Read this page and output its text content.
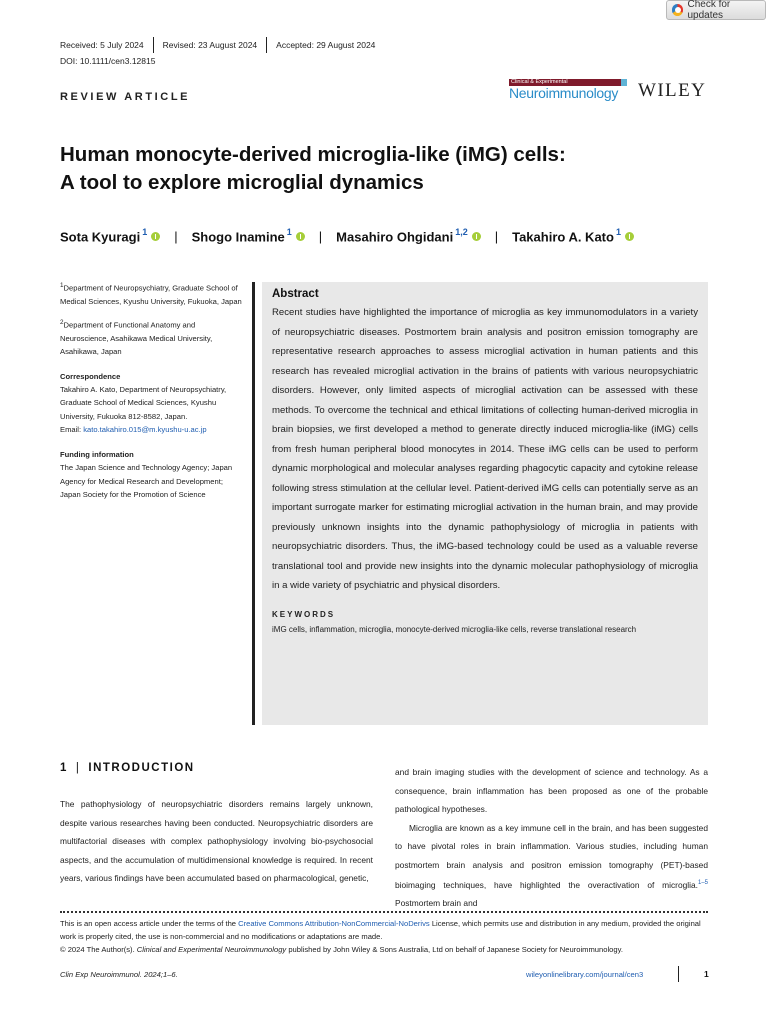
Check for updates
Received: 5 July 2024 Revised: 23 August 2024 Accepted: 29 August 2024
DOI: 10.1111/cen3.12815
REVIEW ARTICLE
Clinical & Experimental
Neuroimmunology WILEY
Human monocyte-derived microglia-like (iMG) cells:
A tool to explore microglial dynamics
Sota Kyuragi $^1$ | Shogo Inamine $^1$ | Masahiro Ohgidani $^{1,2}$ | Takahiro A. Kato $^1$

$^1$Department of Neuropsychiatry, Graduate School of Medical Sciences, Kyushu University, Fukuoka, Japan

$^2$Department of Functional Anatomy and Neuroscience, Asahikawa Medical University, Asahikawa, Japan

Correspondence
Takahiro A. Kato, Department of Neuropsychiatry, Graduate School of Medical Sciences, Kyushu University, Fukuoka 812-8582, Japan.
Email: kato.takahiro.015@m.kyushu-u.ac.jp

Funding information
The Japan Science and Technology Agency; Japan Agency for Medical Research and Development; Japan Society for the Promotion of Science

Abstract

Recent studies have highlighted the importance of microglia as key immunomodulators in a variety of neuropsychiatric diseases. Postmortem brain analysis and positron emission tomography are representative research approaches to assess microglial activation in human patients and this research has revealed microglial activation in the brains of patients with various neuropsychiatric disorders. However, only limited aspects of microglial activation can be assessed with these methods. To overcome the technical and ethical limitations of collecting human-derived microglia in brain biopsies, we first developed a method to generate directly induced microglia-like (iMG) cells from fresh human peripheral blood monocytes in 2014. These iMG cells can be used to perform dynamic morphological and molecular analyses regarding phagocytic capacity and cytokine release following stress stimulation at the cellular level. Patient-derived iMG cells can potentially serve as an important surrogate marker for estimating microglial activation in the human brain, and may provide previously unknown insights into the dynamic pathophysiology of microglia in patients with neuropsychiatric disorders. Thus, the iMG-based technology could be used as a valuable reverse translational tool and provide new insights into the dynamic molecular pathophysiology of microglia in a wide variety of psychiatric and physical disorders.

KEYWORDS
iMG cells, inflammation, microglia, monocyte-derived microglia-like cells, reverse translational research
1 | INTRODUCTION

The pathophysiology of neuropsychiatric disorders remains largely unknown, despite various researches having been conducted. Neuropsychiatric disorders are multifactorial diseases with complex pathophysiology involving bio-psychosocial aspects, and the accumulation of multidimensional knowledge is required. In recent years, various findings have been accumulated based on pharmacological, genetic,

and brain imaging studies with the development of science and technology. As a consequence, brain inflammation has been proposed as one of the probable pathological hypotheses.

Microglia are known as a key immune cell in the brain, and has been suggested to have pivotal roles in brain inflammation. Various studies, including human postmortem brain analysis and positron emission tomography (PET)-based bioimaging techniques, have highlighted the overactivation of microglia.$^{1-5}$ Postmortem brain and

This is an open access article under the terms of the Creative Commons Attribution-NonCommercial-NoDerivs License, which permits use and distribution in any medium, provided the original work is properly cited, the use is non-commercial and no modifications or adaptations are made.

© 2024 The Author(s). Clinical and Experimental Neuroimmunology published by John Wiley & Sons Australia, Ltd on behalf of Japanese Society for Neuroimmunology.

Clin Exp Neuroimmunol. 2024;1–6.	wileyonlinelibrary.com/journal/cen3	1
